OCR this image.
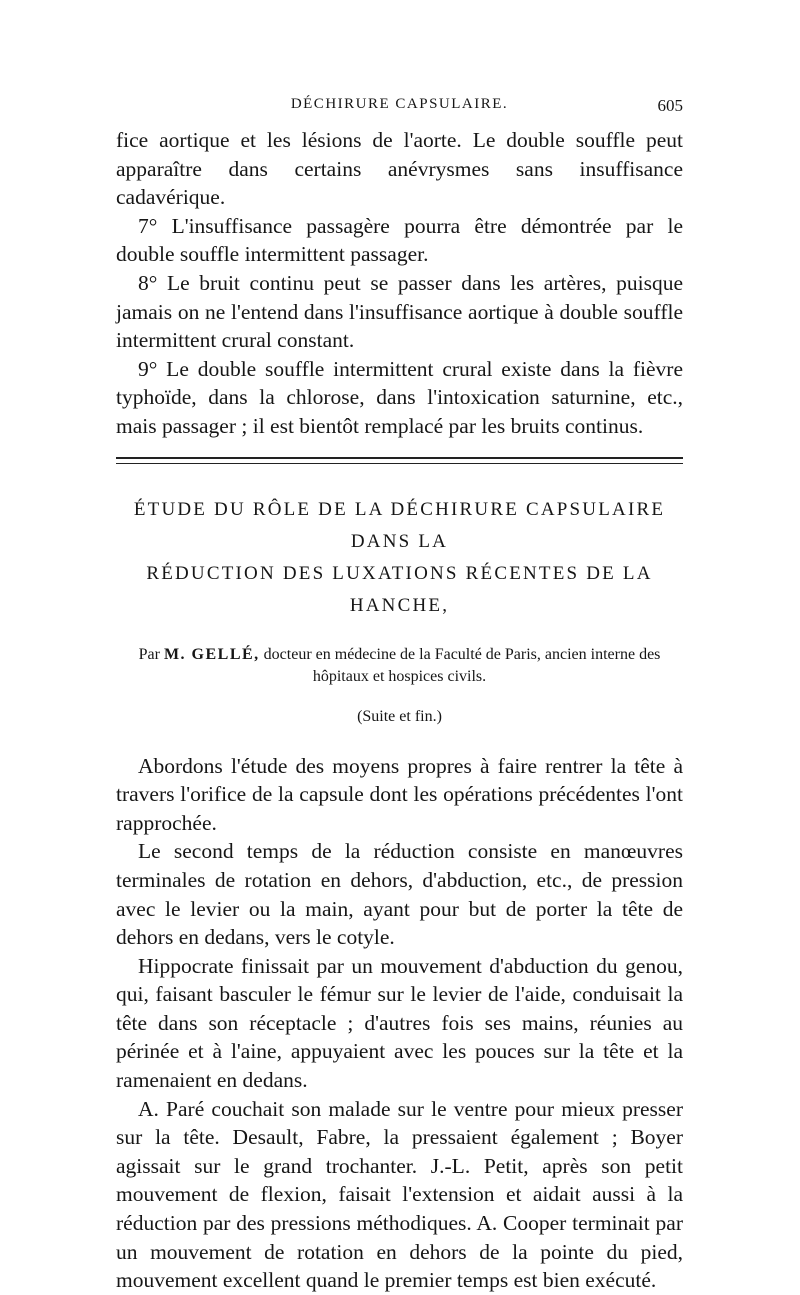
DÉCHIRURE CAPSULAIRE.	605

fice aortique et les lésions de l'aorte. Le double souffle peut apparaître dans certains anévrysmes sans insuffisance cadavérique.

7° L'insuffisance passagère pourra être démontrée par le double souffle intermittent passager.

8° Le bruit continu peut se passer dans les artères, puisque jamais on ne l'entend dans l'insuffisance aortique à double souffle intermittent crural constant.

9° Le double souffle intermittent crural existe dans la fièvre typhoïde, dans la chlorose, dans l'intoxication saturnine, etc., mais passager ; il est bientôt remplacé par les bruits continus.

ÉTUDE DU RÔLE DE LA DÉCHIRURE CAPSULAIRE DANS LA
RÉDUCTION DES LUXATIONS RÉCENTES DE LA HANCHE,
Par M. GELLÉ, docteur en médecine de la Faculté de Paris, ancien interne des hôpitaux et hospices civils.
(Suite et fin.)

Abordons l'étude des moyens propres à faire rentrer la tête à travers l'orifice de la capsule dont les opérations précédentes l'ont rapprochée.

Le second temps de la réduction consiste en manœuvres terminales de rotation en dehors, d'abduction, etc., de pression avec le levier ou la main, ayant pour but de porter la tête de dehors en dedans, vers le cotyle.

Hippocrate finissait par un mouvement d'abduction du genou, qui, faisant basculer le fémur sur le levier de l'aide, conduisait la tête dans son réceptacle ; d'autres fois ses mains, réunies au périnée et à l'aine, appuyaient avec les pouces sur la tête et la ramenaient en dedans.

A. Paré couchait son malade sur le ventre pour mieux presser sur la tête. Desault, Fabre, la pressaient également ; Boyer agissait sur le grand trochanter. J.-L. Petit, après son petit mouvement de flexion, faisait l'extension et aidait aussi à la réduction par des pressions méthodiques. A. Cooper terminait par un mouvement de rotation en dehors de la pointe du pied, mouvement excellent quand le premier temps est bien exécuté.
